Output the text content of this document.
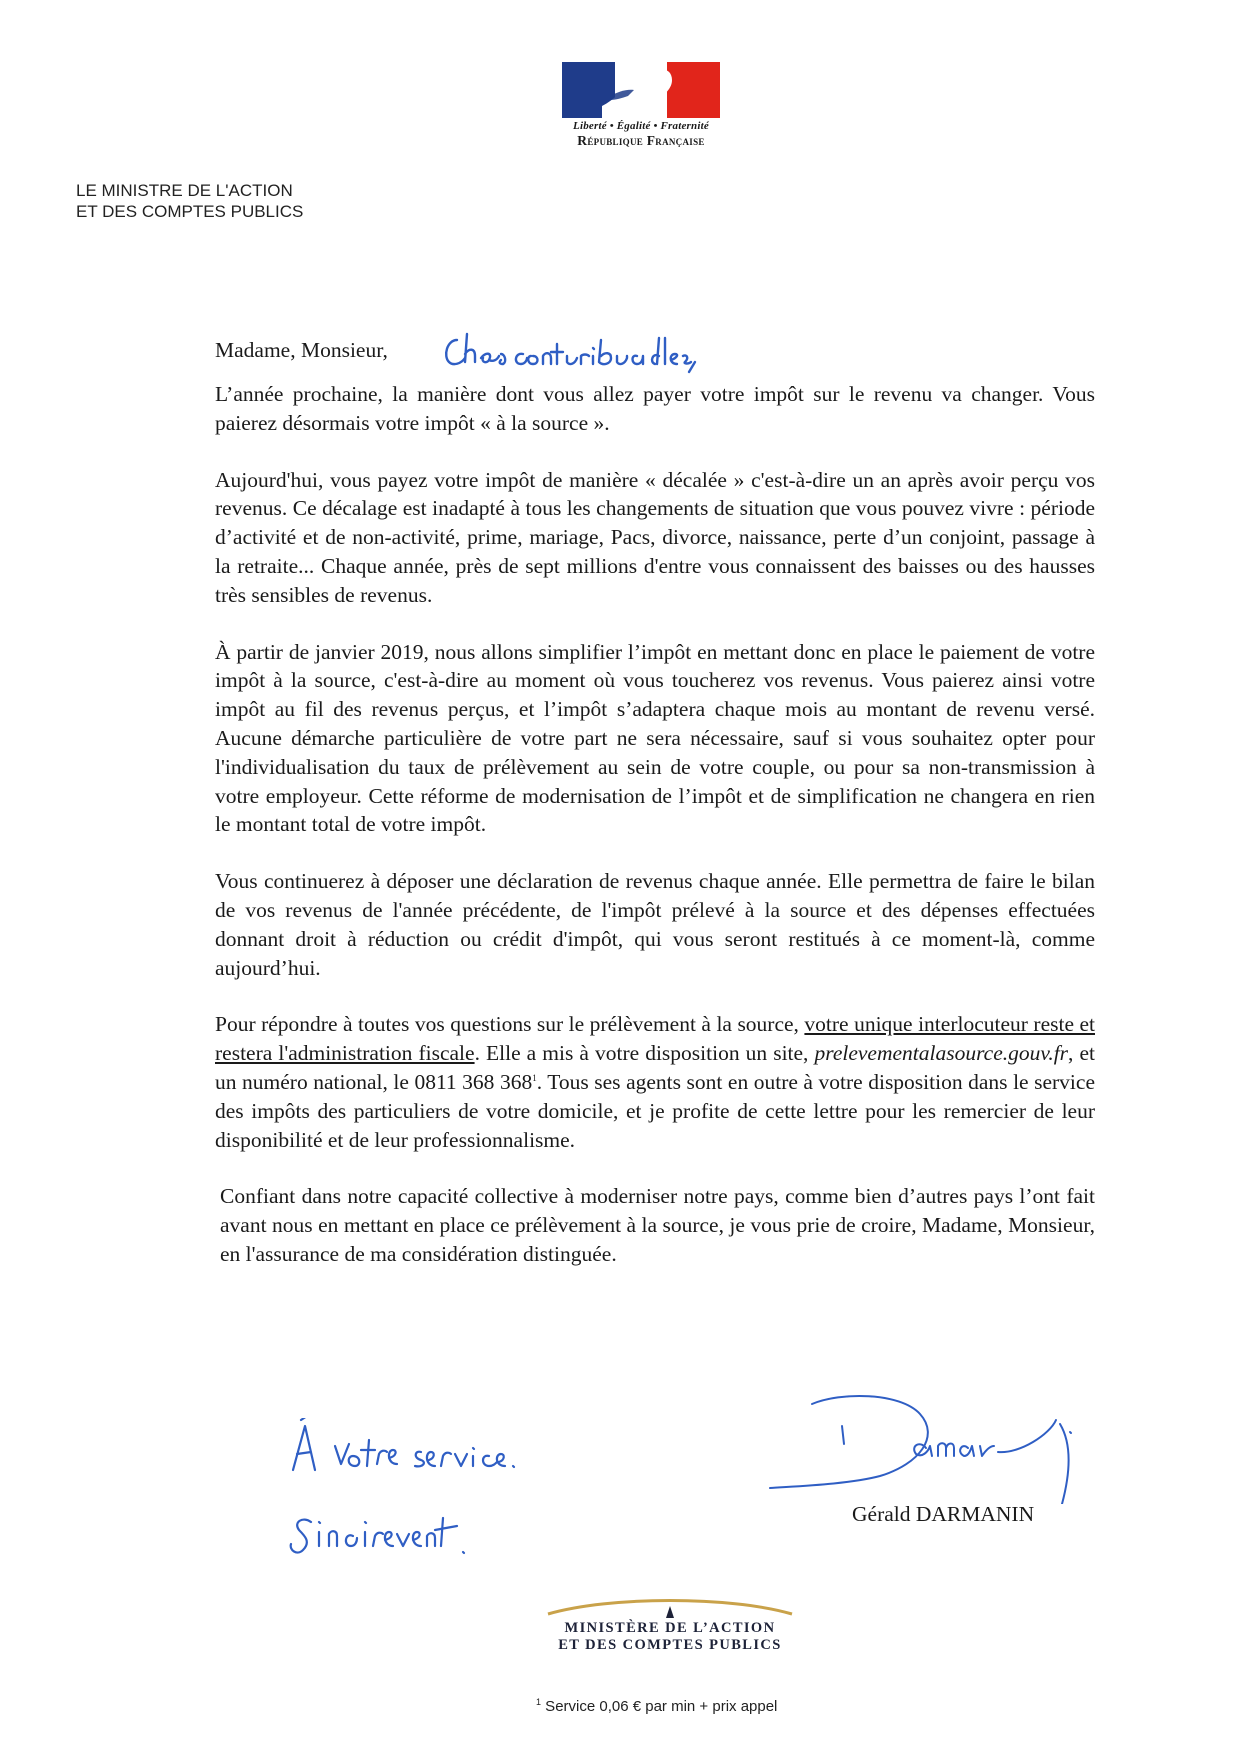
Liberté • Égalité • Fraternité
République Française
LE MINISTRE DE L'ACTION
ET DES COMPTES PUBLICS
Madame, Monsieur,

L’année prochaine, la manière dont vous allez payer votre impôt sur le revenu va changer. Vous paierez désormais votre impôt « à la source ».

Aujourd'hui, vous payez votre impôt de manière « décalée » c'est-à-dire un an après avoir perçu vos revenus. Ce décalage est inadapté à tous les changements de situation que vous pouvez vivre : période d’activité et de non-activité, prime, mariage, Pacs, divorce, naissance, perte d’un conjoint, passage à la retraite... Chaque année, près de sept millions d'entre vous connaissent des baisses ou des hausses très sensibles de revenus.

À partir de janvier 2019, nous allons simplifier l’impôt en mettant donc en place le paiement de votre impôt à la source, c'est-à-dire au moment où vous toucherez vos revenus. Vous paierez ainsi votre impôt au fil des revenus perçus, et l’impôt s’adaptera chaque mois au montant de revenu versé. Aucune démarche particulière de votre part ne sera nécessaire, sauf si vous souhaitez opter pour l'individualisation du taux de prélèvement au sein de votre couple, ou pour sa non-transmission à votre employeur. Cette réforme de modernisation de l’impôt et de simplification ne changera en rien le montant total de votre impôt.

Vous continuerez à déposer une déclaration de revenus chaque année. Elle permettra de faire le bilan de vos revenus de l'année précédente, de l'impôt prélevé à la source et des dépenses effectuées donnant droit à réduction ou crédit d'impôt, qui vous seront restitués à ce moment-là, comme aujourd’hui.

Pour répondre à toutes vos questions sur le prélèvement à la source, votre unique interlocuteur reste et restera l'administration fiscale. Elle a mis à votre disposition un site, prelevementalasource.gouv.fr, et un numéro national, le 0811 368 $368^1$. Tous ses agents sont en outre à votre disposition dans le service des impôts des particuliers de votre domicile, et je profite de cette lettre pour les remercier de leur disponibilité et de leur professionnalisme.

Confiant dans notre capacité collective à moderniser notre pays, comme bien d’autres pays l’ont fait avant nous en mettant en place ce prélèvement à la source, je vous prie de croire, Madame, Monsieur, en l'assurance de ma considération distinguée.

Gérald DARMANIN
MINISTÈRE DE L’ACTION
ET DES COMPTES PUBLICS
$^1$ Service 0,06 € par min + prix appel
